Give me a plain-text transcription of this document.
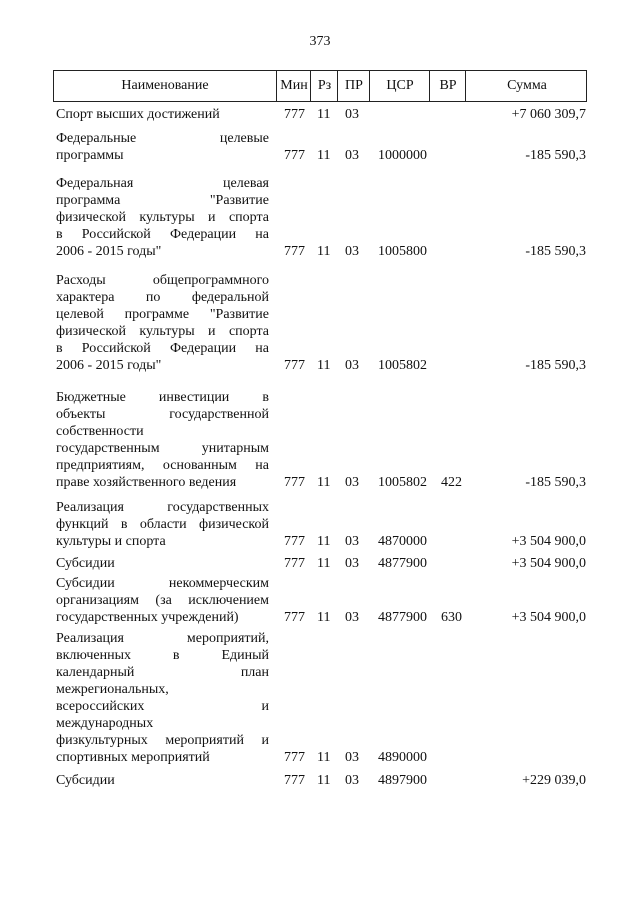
373
Наименование	Мин Рз ПР	ЦСР	ВР	Сумма
Спорт высших достижений	777 11 03	+7 060 309,7
Федеральные целевые
программы	777 11 03 1000000	-185 590,3
Федеральная целевая
программа "Развитие
физической культуры и спорта
в Российской Федерации на
2006 - 2015 годы"	777 11 03 1005800	-185 590,3
Расходы общепрограммного
характера по федеральной
целевой программе "Развитие
физической культуры и спорта
в Российской Федерации на
2006 - 2015 годы"	777 11 03 1005802	-185 590,3
Бюджетные инвестиции в
объекты государственной
собственности
государственным унитарным
предприятиям, основанным на
праве хозяйственного ведения	777 11 03 1005802 422	-185 590,3
Реализация государственных
функций в области физической
культуры и спорта	777 11 03 4870000	+3 504 900,0
Субсидии	777 11 03 4877900	+3 504 900,0
Субсидии некоммерческим
организациям (за исключением
государственных учреждений)	777 11 03 4877900 630	+3 504 900,0
Реализация мероприятий,
включенных в Единый
календарный план
межрегиональных,
всероссийских и
международных
физкультурных мероприятий и
спортивных мероприятий	777 11 03 4890000
Субсидии	777 11 03 4897900	+229 039,0
